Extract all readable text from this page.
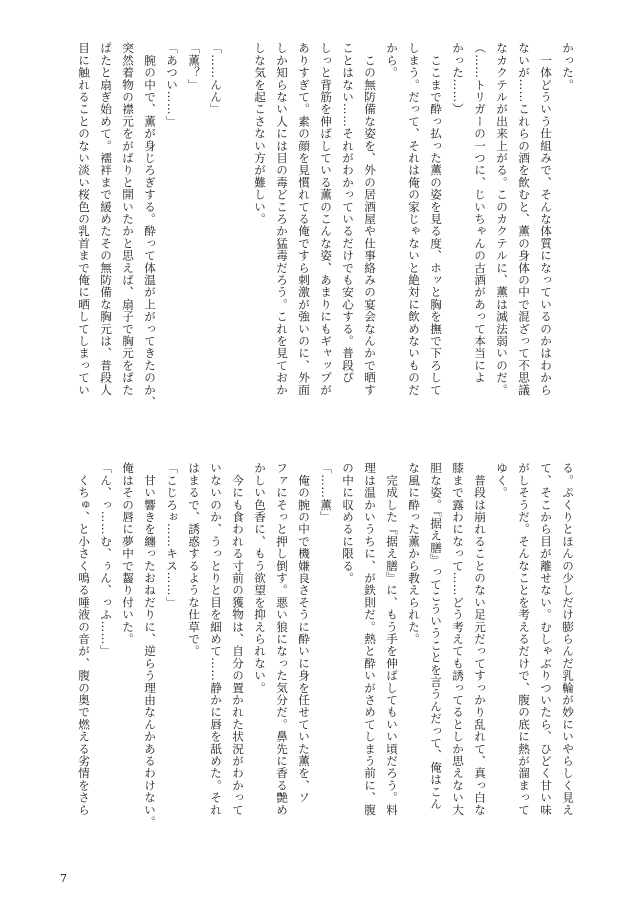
かった。
　一体どういう仕組みで、そんな体質になっているのかはわから
ないが……これらの酒を飲むと、薫の身体の中で混ざって不思議
なカクテルが出来上がる。このカクテルに、薫は滅法弱いのだ。
（……トリガーの一つに、じいちゃんの古酒があって本当によ
かった……）
　ここまで酔っ払った薫の姿を見る度、ホッと胸を撫で下ろして
しまう。だって、それは俺の家じゃないと絶対に飲めないものだ
から。
　この無防備な姿を、外の居酒屋や仕事絡みの宴会なんかで晒す
ことはない……それがわかっているだけでも安心する。普段ぴ
しっと背筋を伸ばしている薫のこんな姿、あまりにもギャップが
ありすぎて。素の顔を見慣れてる俺ですら刺激が強いのに、外面
しか知らない人には目の毒どころか猛毒だろう。これを見ておか
しな気を起こさない方が難しい。
「……んん」
「薫？」
「あつい……」
　腕の中で、薫が身じろぎする。酔って体温が上がってきたのか、
突然着物の襟元をがばりと開いたかと思えば、扇子で胸元をぱた
ぱたと扇ぎ始めて。襦袢まで緩めたその無防備な胸元は、普段人
目に触れることのない淡い桜色の乳首まで俺に晒してしまってい
る。ぷくりとほんの少しだけ膨らんだ乳輪が妙にいやらしく見え
て、そこから目が離せない。むしゃぶりついたら、ひどく甘い味
がしそうだ。そんなことを考えるだけで、腹の底に熱が溜まって
ゆく。
　普段は崩れることのない足元だってすっかり乱れて、真っ白な
膝まで露わになって……どう考えても誘ってるとしか思えない大
胆な姿。『据え膳』ってこういうことを言うんだって、俺はこん
な風に酔った薫から教えられた。
　完成した『据え膳』に、もう手を伸ばしてもいい頃だろう。料
理は温かいうちに、が鉄則だ。熱と酔いがさめてしまう前に、腹
の中に収めるに限る。
「……薫」
　俺の腕の中で機嫌良さそうに酔いに身を任せていた薫を、ソ
ファにそっと押し倒す。悪い狼になった気分だ。鼻先に香る艶め
かしい色香に、もう欲望を抑えられない。
　今にも食われる寸前の獲物は、自分の置かれた状況がわかって
いないのか、うっとりと目を細めて……静かに唇を舐めた。それ
はまるで、誘惑するような仕草で。
「こじろぉ……キス……」
　甘い響きを纏ったおねだりに、逆らう理由なんかあるわけない。
俺はその唇に夢中で齧り付いた。
「ん、っ……む、ぅん、っふ……」
　くちゅ、と小さく鳴る唾液の音が、腹の奥で燃える劣情をさら
7
